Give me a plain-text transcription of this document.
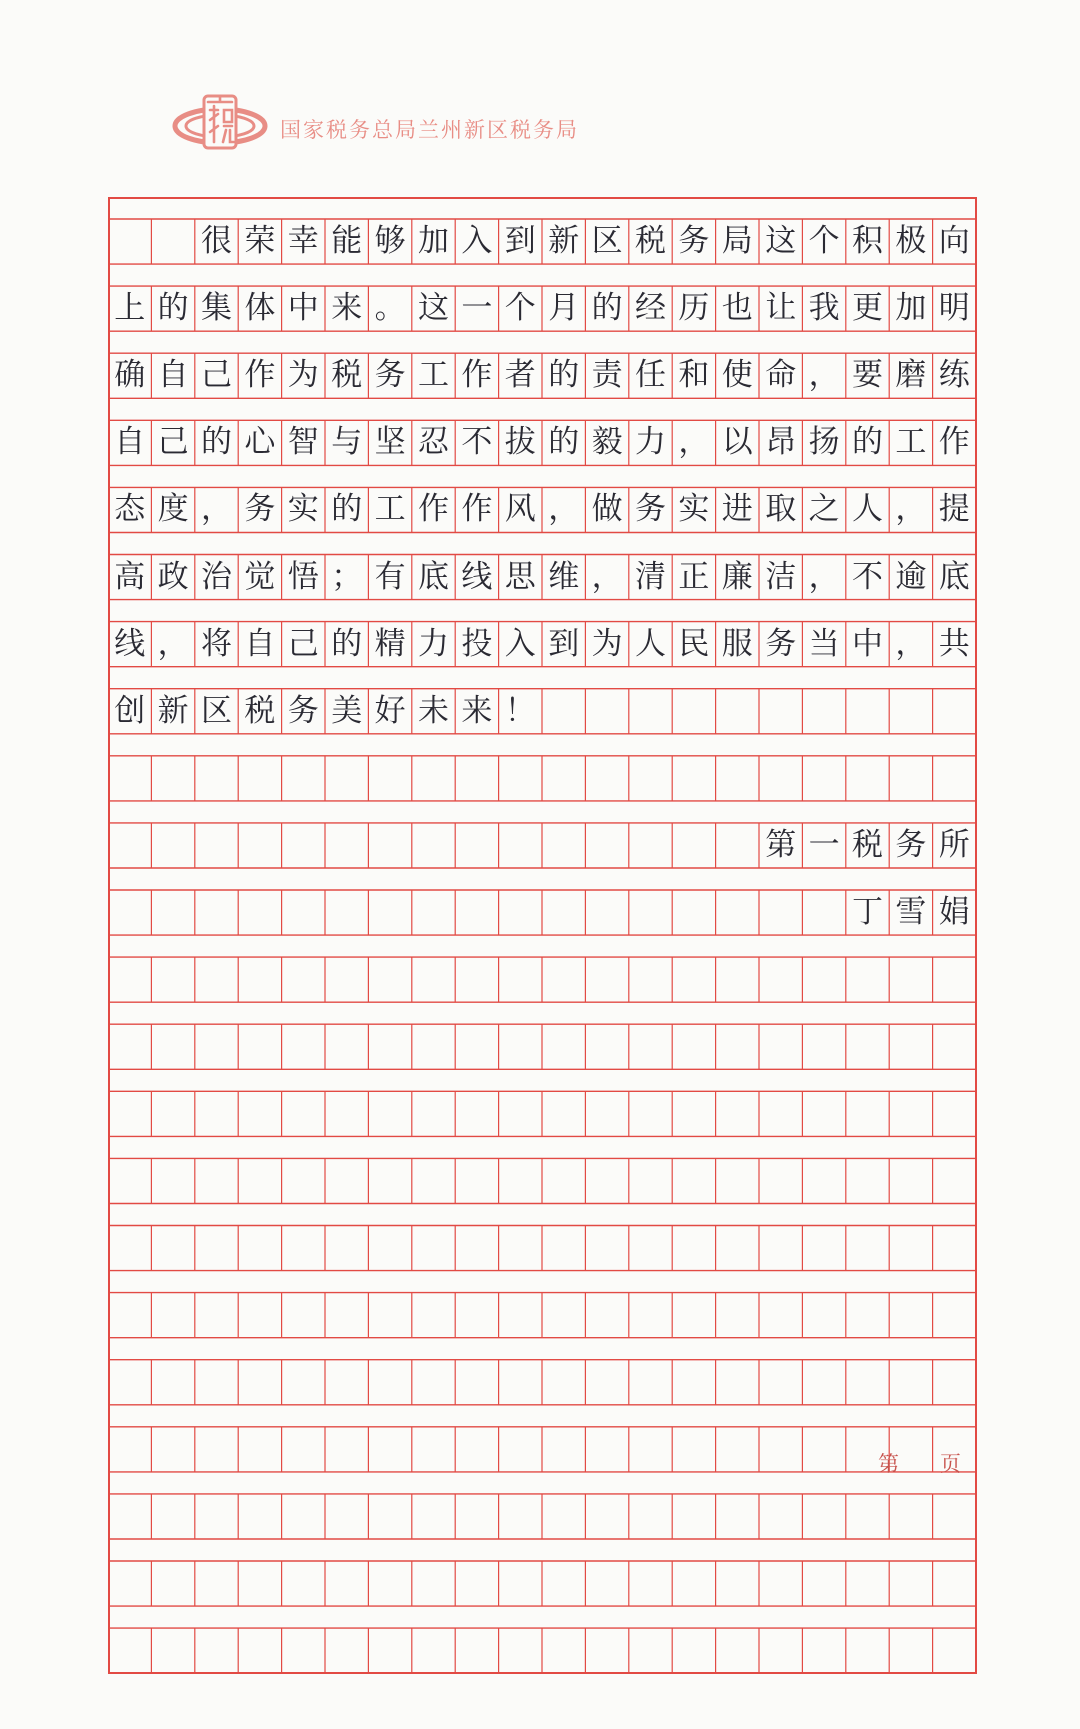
国家税务总局兰州新区税务局
很 荣 幸 能 够 加 入 到 新 区 税 务 局 这 个 积 极 向
上 的 集 体 中 来 。 这 一 个 月 的 经 历 也 让 我 更 加 明
确 自 己 作 为 税 务 工 作 者 的 责 任 和 使 命 ， 要 磨 练
自 己 的 心 智 与 坚 忍 不 拔 的 毅 力 ， 以 昂 扬 的 工 作
态 度 ， 务 实 的 工 作 作 风 ， 做 务 实 进 取 之 人 ， 提
高 政 治 觉 悟 ； 有 底 线 思 维 ， 清 正 廉 洁 ， 不 逾 底
线 ， 将 自 己 的 精 力 投 入 到 为 人 民 服 务 当 中 ， 共
创 新 区 税 务 美 好 未 来 ！
第 一 税 务 所
丁 雪 娟
第 页
